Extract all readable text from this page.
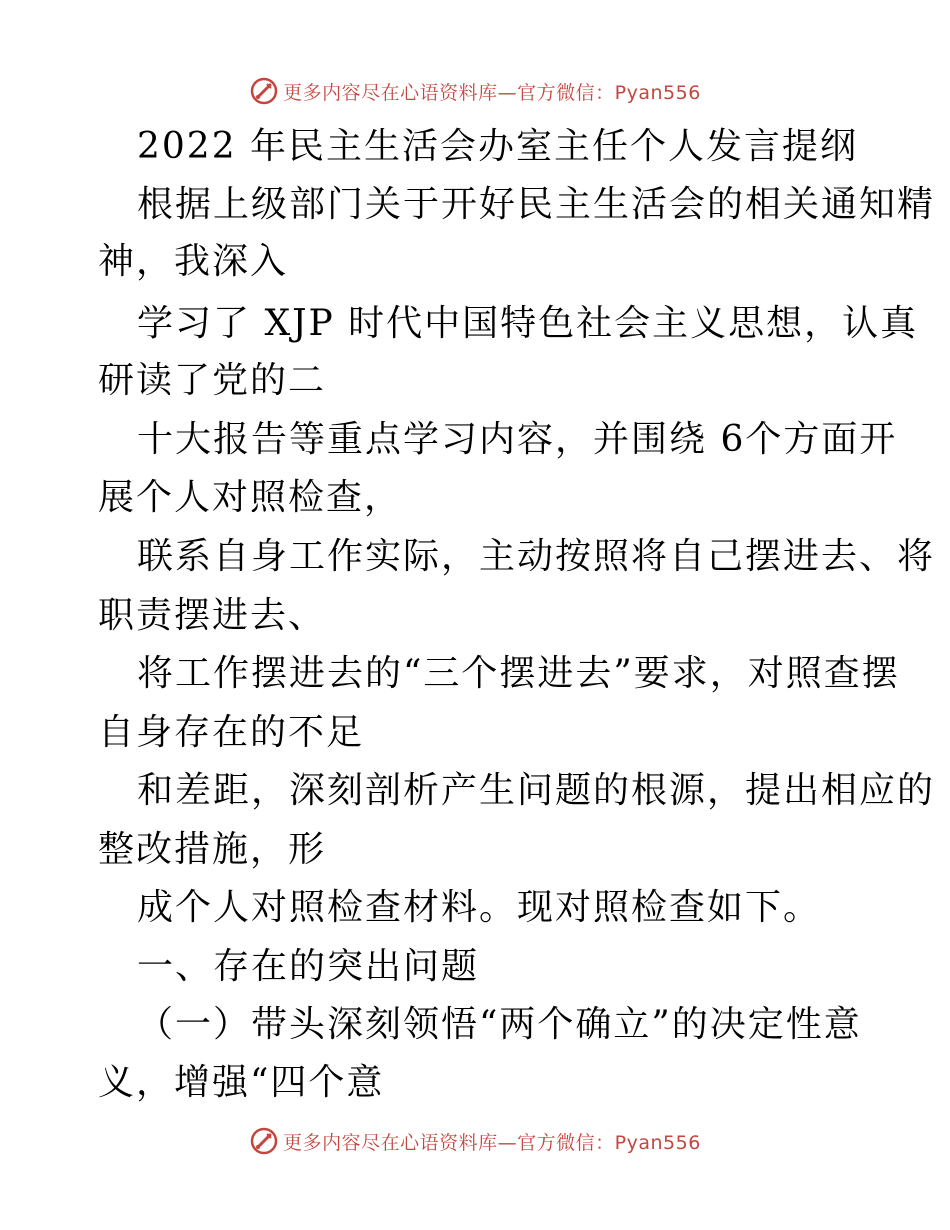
更多内容尽在心语资料库—官方微信：Pyan556
2022 年民主生活会办室主任个人发言提纲
根据上级部门关于开好民主生活会的相关通知精
神，我深入
学习了 XJP 时代中国特色社会主义思想，认真
研读了党的二
十大报告等重点学习内容，并围绕 6个方面开
展个人对照检查，
联系自身工作实际，主动按照将自己摆进去、将
职责摆进去、
将工作摆进去的“三个摆进去”要求，对照查摆
自身存在的不足
和差距，深刻剖析产生问题的根源，提出相应的
整改措施，形
成个人对照检查材料。现对照检查如下。
一、存在的突出问题
（一）带头深刻领悟“两个确立”的决定性意
义，增强“四个意
更多内容尽在心语资料库—官方微信：Pyan556
